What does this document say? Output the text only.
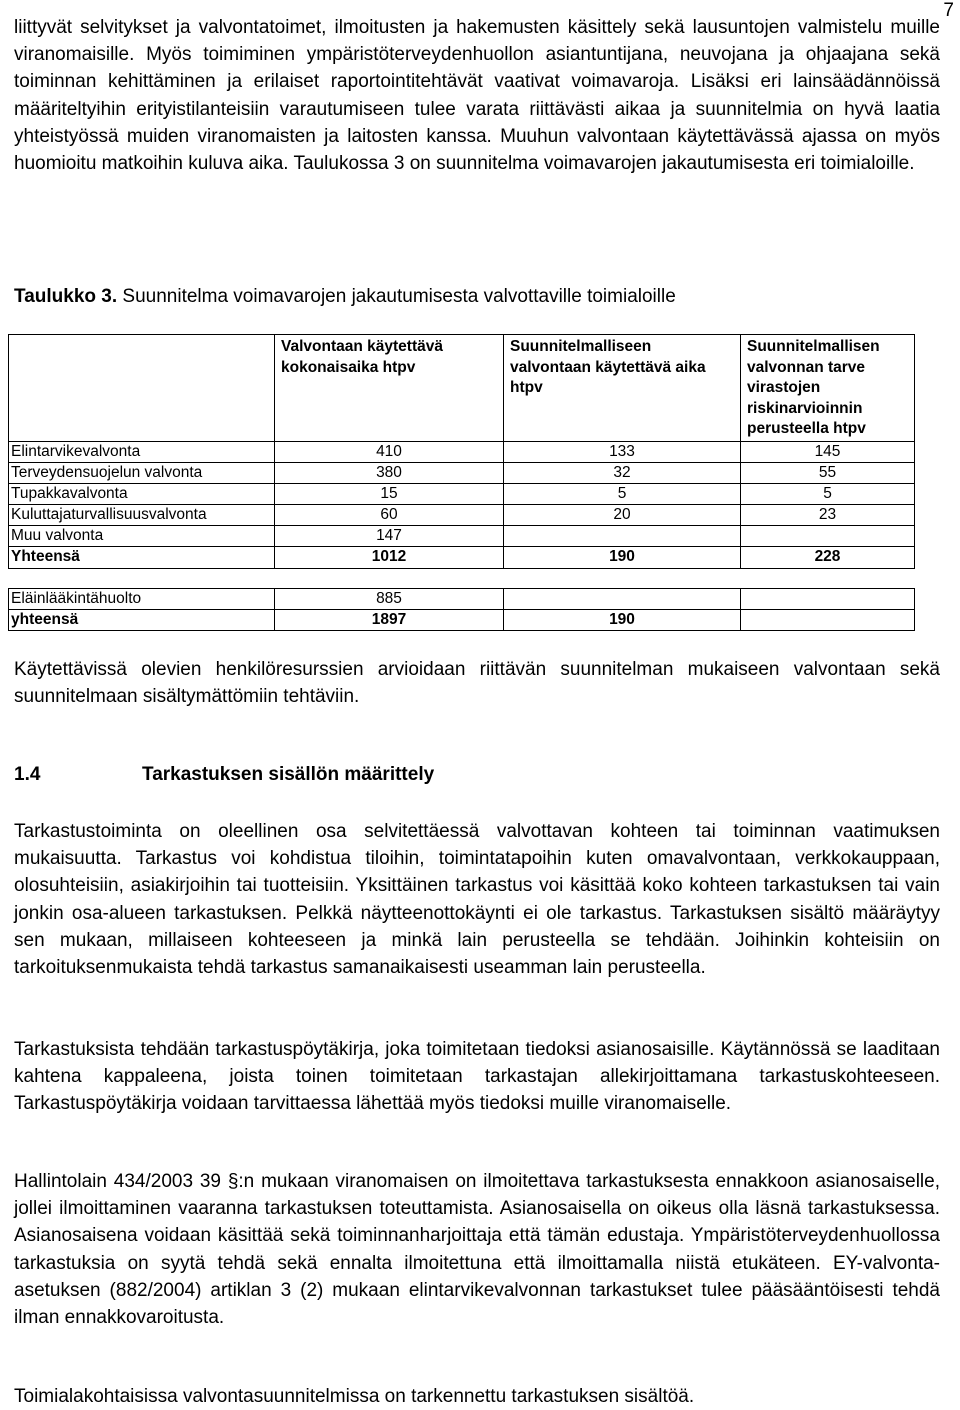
7

liittyvät selvitykset ja valvontatoimet, ilmoitusten ja hakemusten käsittely sekä lausuntojen valmistelu muille viranomaisille. Myös toimiminen ympäristöterveydenhuollon asiantuntijana, neuvojana ja ohjaajana sekä toiminnan kehittäminen ja erilaiset raportointitehtävät vaativat voimavaroja. Lisäksi eri lainsäädännöissä määriteltyihin erityistilanteisiin varautumiseen tulee varata riittävästi aikaa ja suunnitelmia on hyvä laatia yhteistyössä muiden viranomaisten ja laitosten kanssa. Muuhun valvontaan käytettävässä ajassa on myös huomioitu matkoihin kuluva aika. Taulukossa 3 on suunnitelma voimavarojen jakautumisesta eri toimialoille.

Taulukko 3. Suunnitelma voimavarojen jakautumisesta valvottaville toimialoille
	Valvontaan käytettävä kokonaisaika htpv	Suunnitelmalliseen valvontaan käytettävä aika htpv	Suunnitelmallisen valvonnan tarve virastojen riskinarvioinnin perusteella htpv
Elintarvikevalvonta	410	133	145
Terveydensuojelun valvonta	380	32	55
Tupakkavalvonta	15	5	5
Kuluttajaturvallisuusvalvonta	60	20	23
Muu valvonta	147		
Yhteensä	1012	190	228

Eläinlääkintähuolto	885		
yhteensä	1897	190	

Käytettävissä olevien henkilöresurssien arvioidaan riittävän suunnitelman mukaiseen valvontaan sekä suunnitelmaan sisältymättömiin tehtäviin.

1.4	Tarkastuksen sisällön määrittely

Tarkastustoiminta on oleellinen osa selvitettäessä valvottavan kohteen tai toiminnan vaatimuksen mukaisuutta. Tarkastus voi kohdistua tiloihin, toimintatapoihin kuten omavalvontaan, verkkokauppaan, olosuhteisiin, asiakirjoihin tai tuotteisiin. Yksittäinen tarkastus voi käsittää koko kohteen tarkastuksen tai vain jonkin osa-alueen tarkastuksen. Pelkkä näytteenottokäynti ei ole tarkastus. Tarkastuksen sisältö määräytyy sen mukaan, millaiseen kohteeseen ja minkä lain perusteella se tehdään. Joihinkin kohteisiin on tarkoituksenmukaista tehdä tarkastus samanaikaisesti useamman lain perusteella.

Tarkastuksista tehdään tarkastuspöytäkirja, joka toimitetaan tiedoksi asianosaisille. Käytännössä se laaditaan kahtena kappaleena, joista toinen toimitetaan tarkastajan allekirjoittamana tarkastuskohteeseen. Tarkastuspöytäkirja voidaan tarvittaessa lähettää myös tiedoksi muille viranomaiselle.

Hallintolain 434/2003 39 §:n mukaan viranomaisen on ilmoitettava tarkastuksesta ennakkoon asianosaiselle, jollei ilmoittaminen vaaranna tarkastuksen toteuttamista. Asianosaisella on oikeus olla läsnä tarkastuksessa. Asianosaisena voidaan käsittää sekä toiminnanharjoittaja että tämän edustaja. Ympäristöterveydenhuollossa tarkastuksia on syytä tehdä sekä ennalta ilmoitettuna että ilmoittamalla niistä etukäteen. EY-valvonta-asetuksen (882/2004) artiklan 3 (2) mukaan elintarvikevalvonnan tarkastukset tulee pääsääntöisesti tehdä ilman ennakkovaroitusta.

Toimialakohtaisissa valvontasuunnitelmissa on tarkennettu tarkastuksen sisältöä.
